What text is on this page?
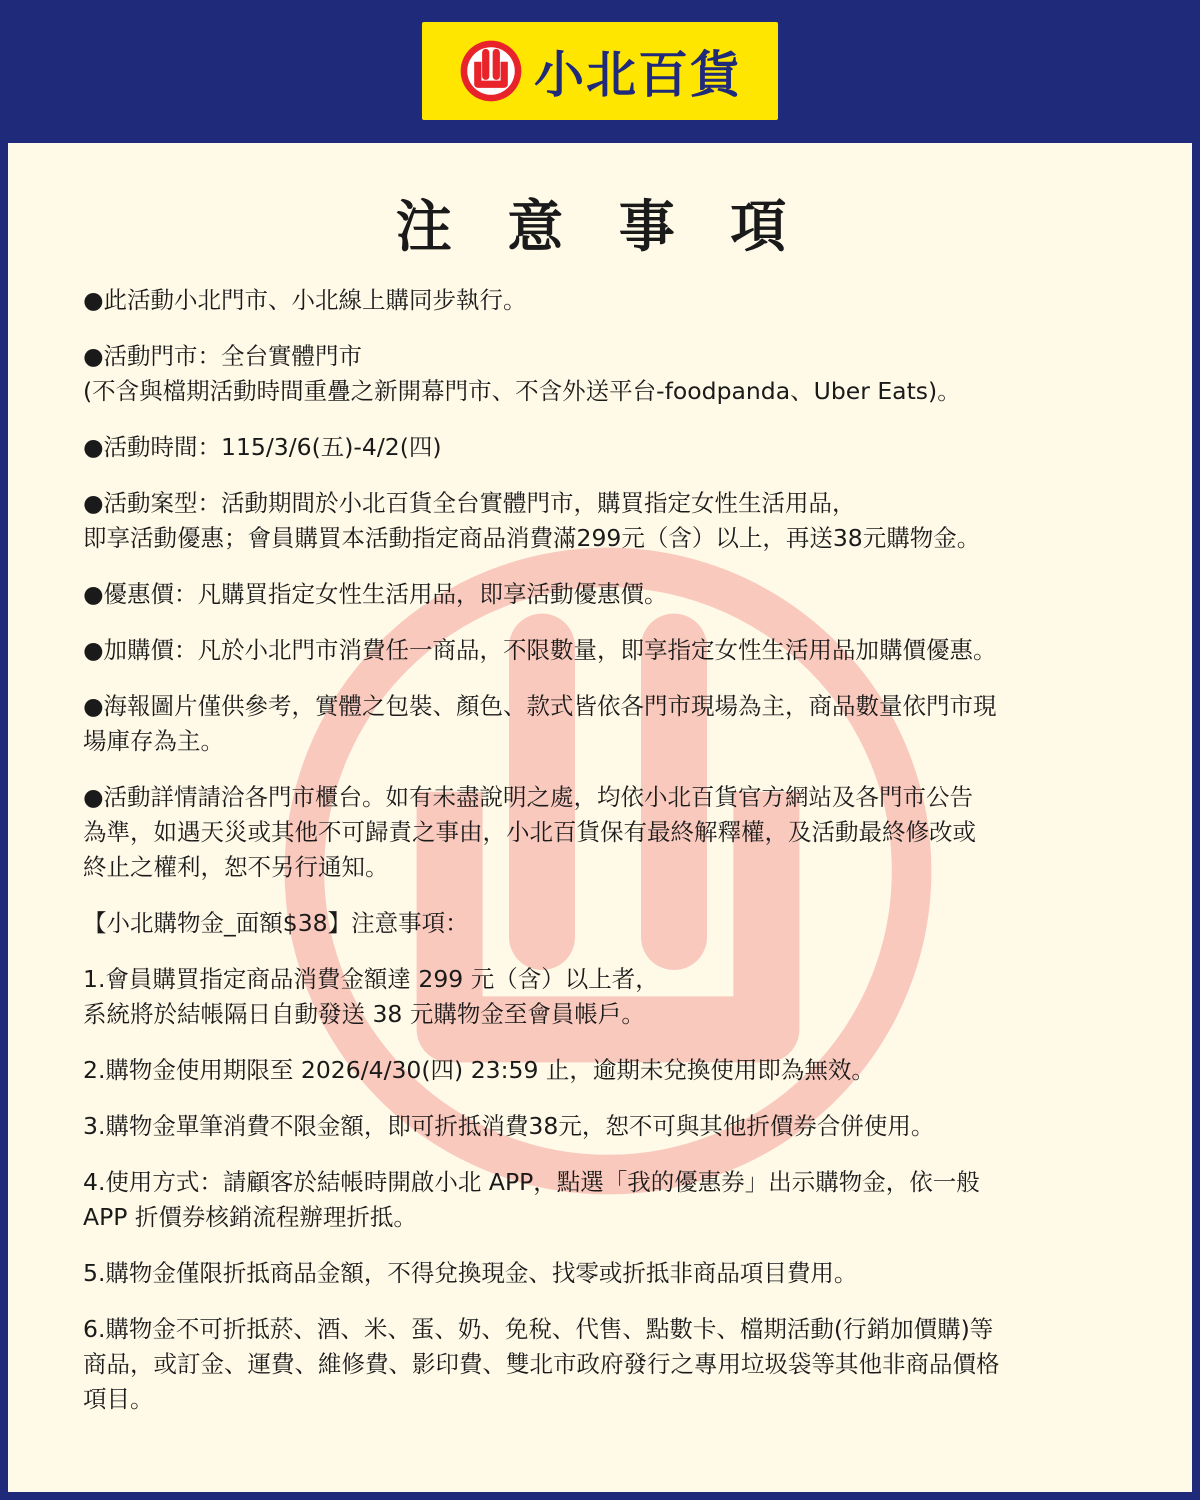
小北百貨
注 意 事 項
●此活動小北門市、小北線上購同步執行。
●活動門市：全台實體門市
(不含與檔期活動時間重疊之新開幕門市、不含外送平台-foodpanda、Uber Eats)。
●活動時間：115/3/6(五)-4/2(四)
●活動案型：活動期間於小北百貨全台實體門市，購買指定女性生活用品，
即享活動優惠；會員購買本活動指定商品消費滿299元（含）以上，再送38元購物金。
●優惠價：凡購買指定女性生活用品，即享活動優惠價。
●加購價：凡於小北門市消費任一商品，不限數量，即享指定女性生活用品加購價優惠。
●海報圖片僅供參考，實體之包裝、顏色、款式皆依各門市現場為主，商品數量依門市現
場庫存為主。
●活動詳情請洽各門市櫃台。如有未盡說明之處，均依小北百貨官方網站及各門市公告
為準，如遇天災或其他不可歸責之事由，小北百貨保有最終解釋權，及活動最終修改或
終止之權利，恕不另行通知。
【小北購物金_面額$38】注意事項：
1.會員購買指定商品消費金額達 299 元（含）以上者，
系統將於結帳隔日自動發送 38 元購物金至會員帳戶。
2.購物金使用期限至 2026/4/30(四) 23:59 止，逾期未兌換使用即為無效。
3.購物金單筆消費不限金額，即可折抵消費38元，恕不可與其他折價券合併使用。
4.使用方式：請顧客於結帳時開啟小北 APP，點選「我的優惠券」出示購物金，依一般
APP 折價券核銷流程辦理折抵。
5.購物金僅限折抵商品金額，不得兌換現金、找零或折抵非商品項目費用。
6.購物金不可折抵菸、酒、米、蛋、奶、免稅、代售、點數卡、檔期活動(行銷加價購)等
商品，或訂金、運費、維修費、影印費、雙北市政府發行之專用垃圾袋等其他非商品價格
項目。
